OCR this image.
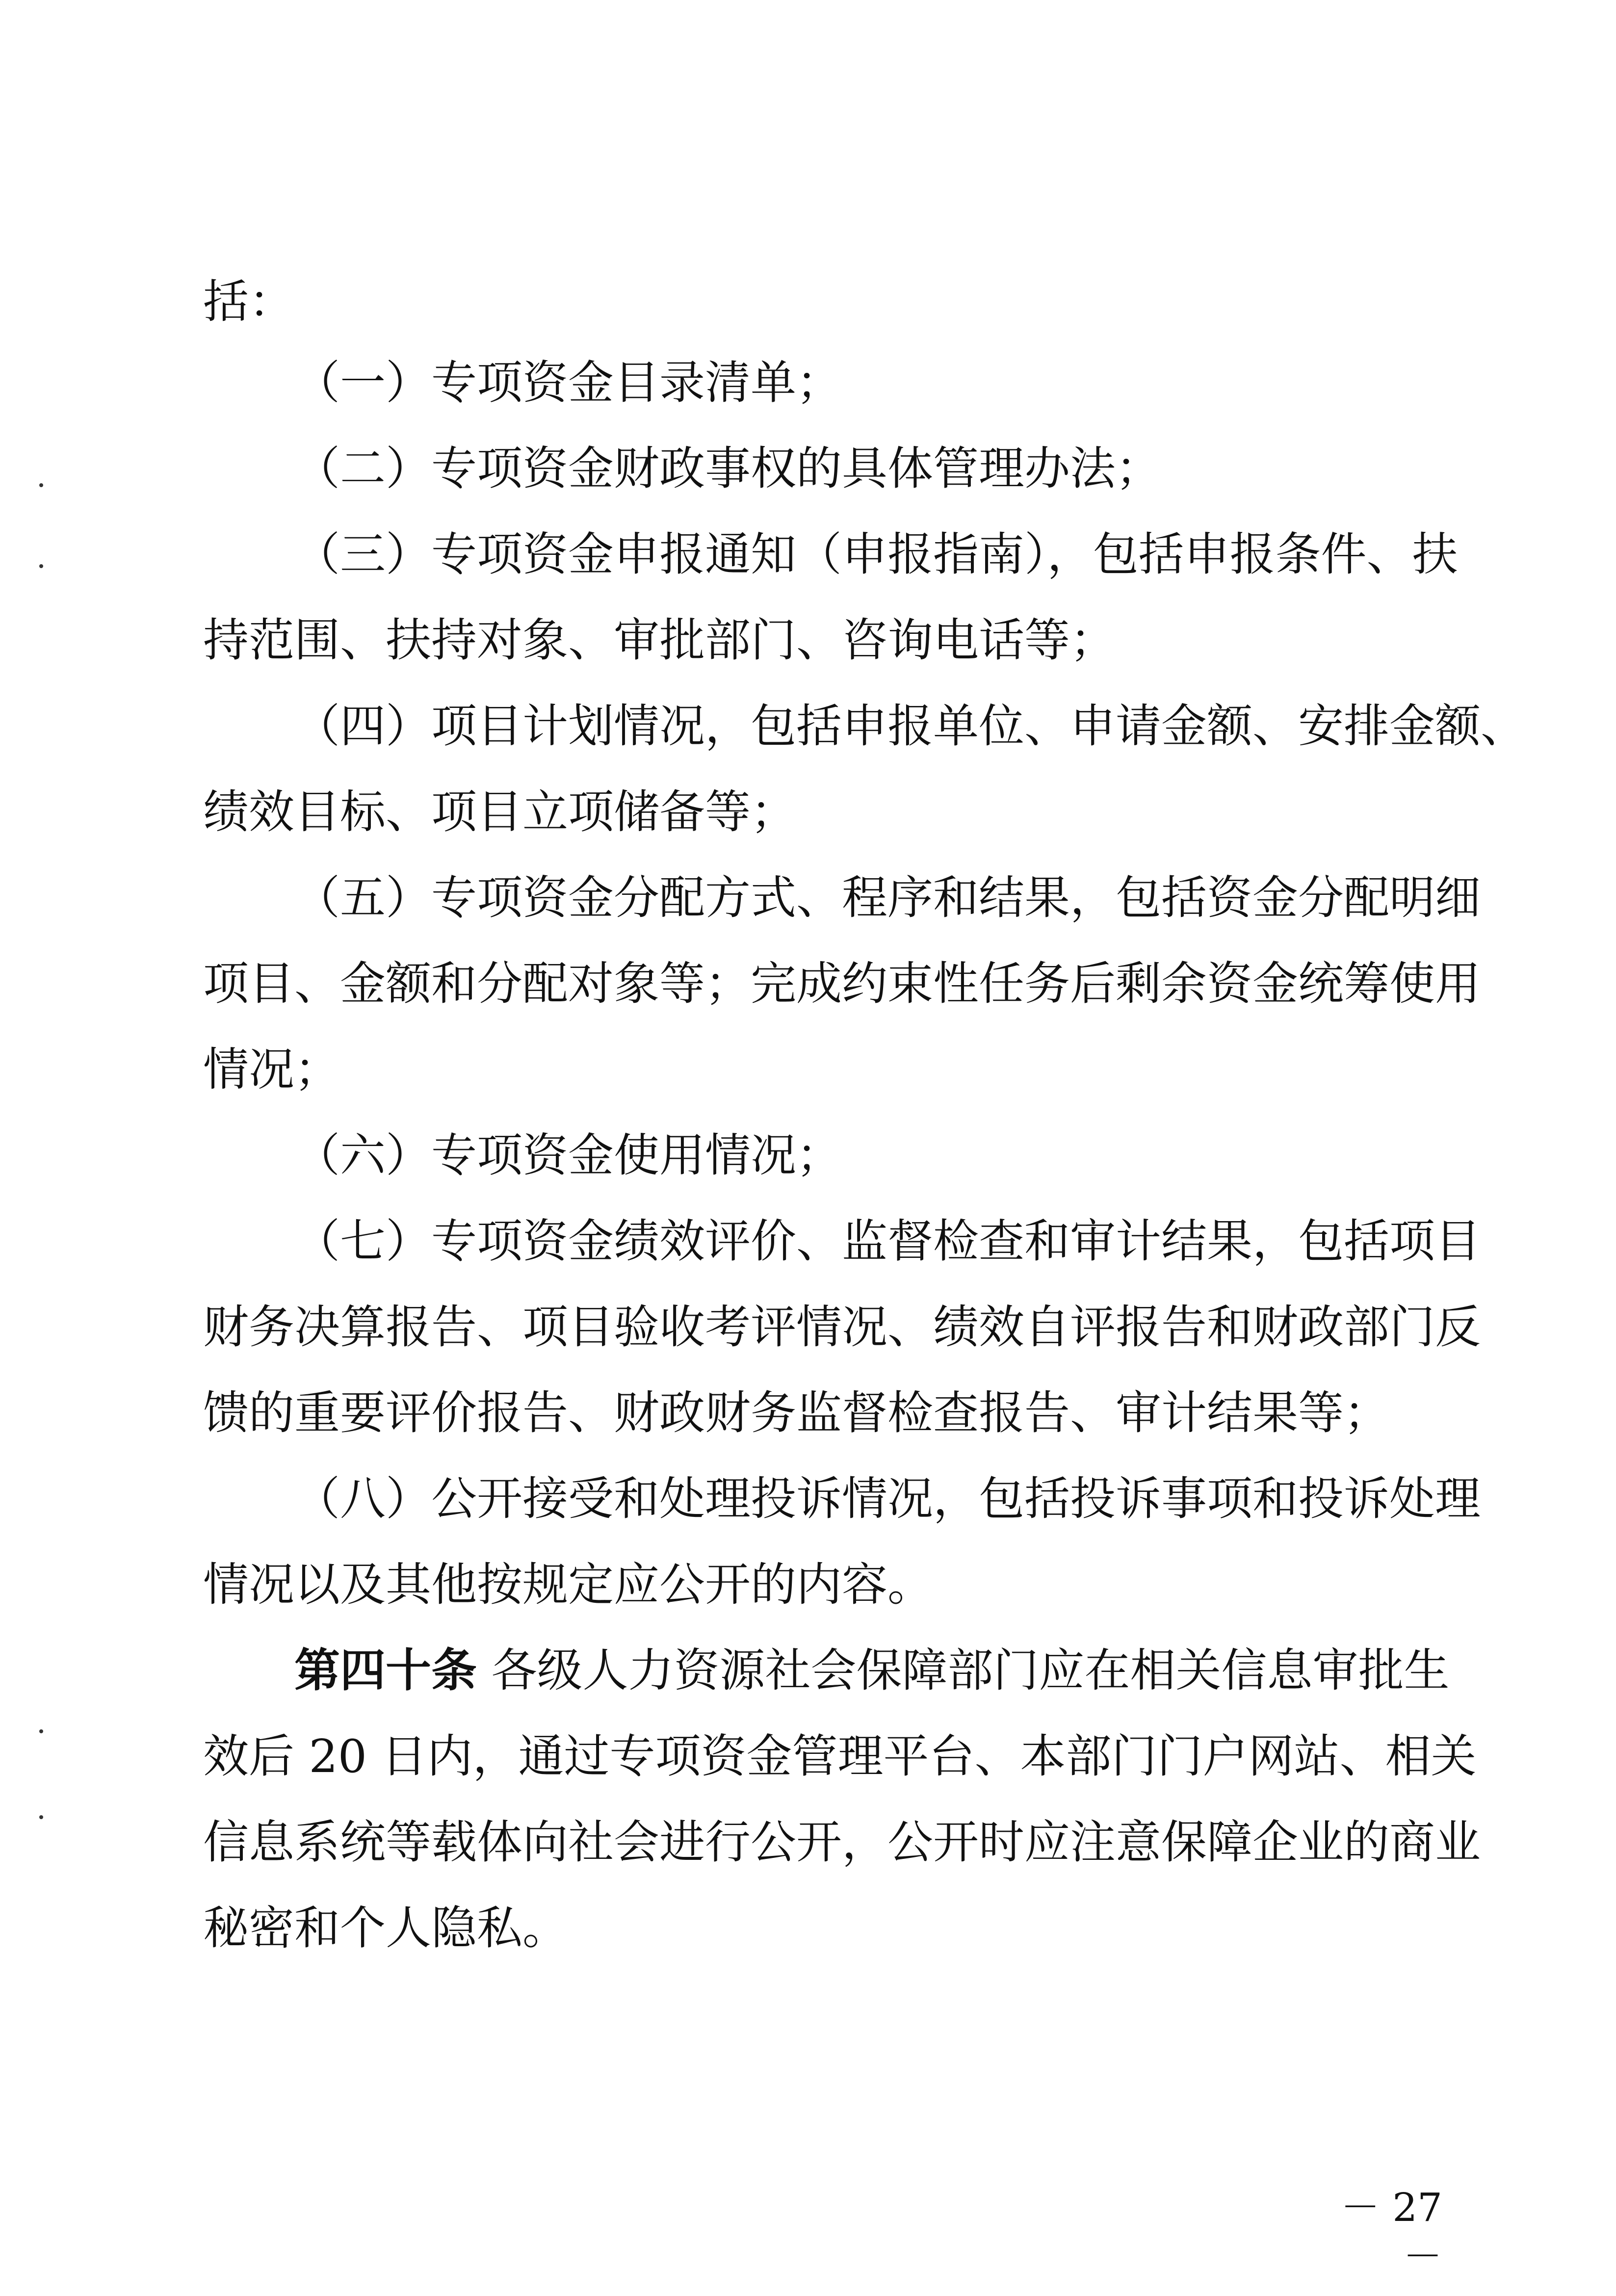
括：
（一）专项资金目录清单；
（二）专项资金财政事权的具体管理办法；
（三）专项资金申报通知（申报指南），包括申报条件、扶
持范围、扶持对象、审批部门、咨询电话等；
（四）项目计划情况，包括申报单位、申请金额、安排金额、
绩效目标、项目立项储备等；
（五）专项资金分配方式、程序和结果，包括资金分配明细
项目、金额和分配对象等；完成约束性任务后剩余资金统筹使用
情况；
（六）专项资金使用情况；
（七）专项资金绩效评价、监督检查和审计结果，包括项目
财务决算报告、项目验收考评情况、绩效自评报告和财政部门反
馈的重要评价报告、财政财务监督检查报告、审计结果等；
（八）公开接受和处理投诉情况，包括投诉事项和投诉处理
情况以及其他按规定应公开的内容。
第四十条 各级人力资源社会保障部门应在相关信息审批生
效后 20 日内，通过专项资金管理平台、本部门门户网站、相关
信息系统等载体向社会进行公开，公开时应注意保障企业的商业
秘密和个人隐私。
－ 27 －
